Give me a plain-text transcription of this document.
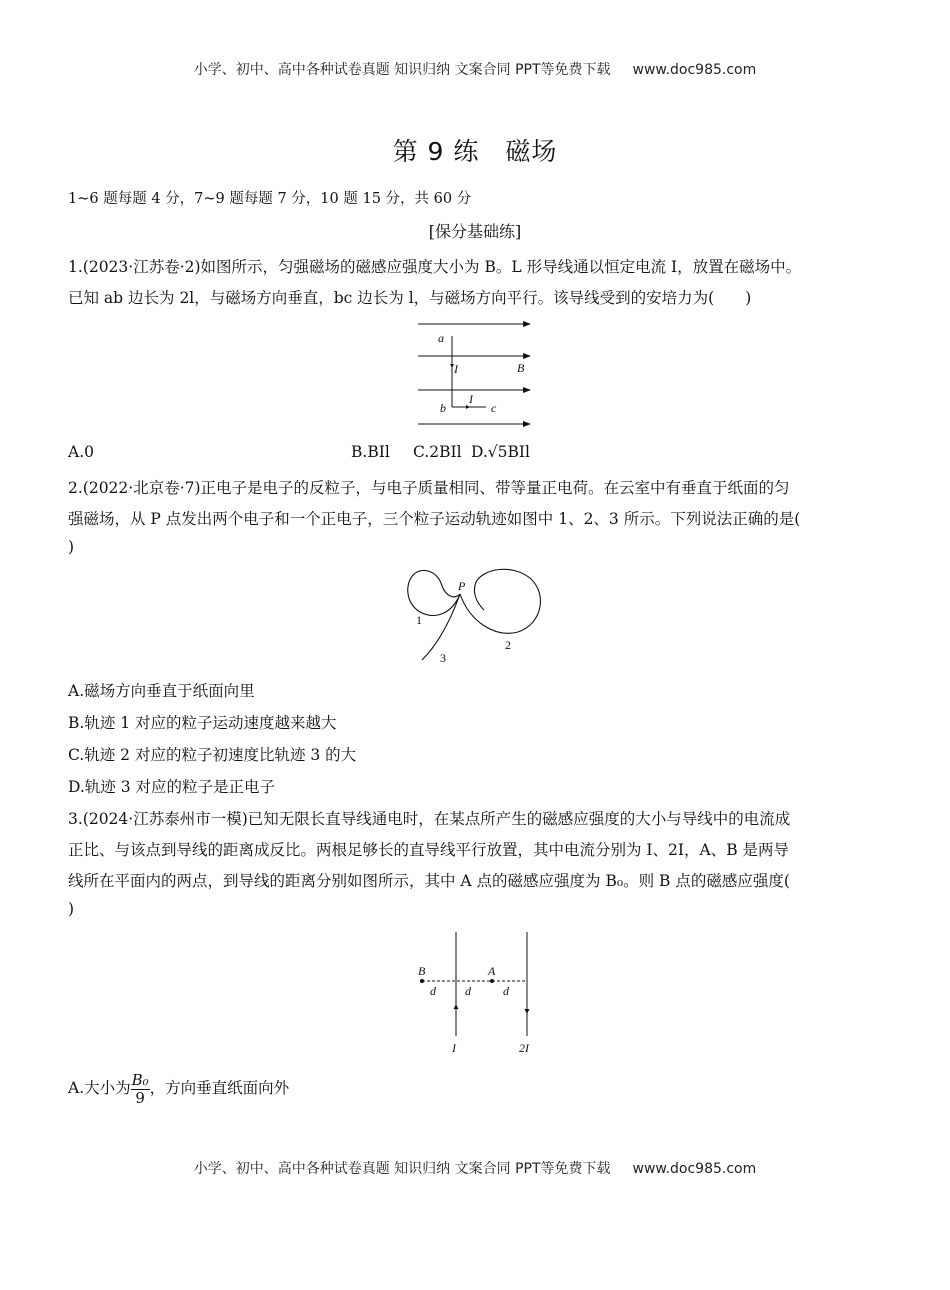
小学、初中、高中各种试卷真题 知识归纳 文案合同 PPT等免费下载 www.doc985.com
第 9 练　磁场
1~6 题每题 4 分，7~9 题每题 7 分，10 题 15 分，共 60 分
[保分基础练]
1.(2023·江苏卷·2)如图所示，匀强磁场的磁感应强度大小为 B。L 形导线通以恒定电流 I，放置在磁场中。
已知 ab 边长为 2l，与磁场方向垂直，bc 边长为 l，与磁场方向平行。该导线受到的安培力为(　　)
a
I	B
I
b	c
A.0	B.BIl C.2BIl D.√5BIl
2.(2022·北京卷·7)正电子是电子的反粒子，与电子质量相同、带等量正电荷。在云室中有垂直于纸面的匀
强磁场，从 P 点发出两个电子和一个正电子，三个粒子运动轨迹如图中 1、2、3 所示。下列说法正确的是(
)
P
1
2
3
A.磁场方向垂直于纸面向里
B.轨迹 1 对应的粒子运动速度越来越大
C.轨迹 2 对应的粒子初速度比轨迹 3 的大
D.轨迹 3 对应的粒子是正电子
3.(2024·江苏泰州市一模)已知无限长直导线通电时，在某点所产生的磁感应强度的大小与导线中的电流成
正比、与该点到导线的距离成反比。两根足够长的直导线平行放置，其中电流分别为 I、2I，A、B 是两导
线所在平面内的两点，到导线的距离分别如图所示，其中 A 点的磁感应强度为 B₀。则 B 点的磁感应强度(
)
B	A
d d	d
I	2I
A.大小为 $\frac{\text{B₀}}{9}$ ，方向垂直纸面向外
小学、初中、高中各种试卷真题 知识归纳 文案合同 PPT等免费下载 www.doc985.com
